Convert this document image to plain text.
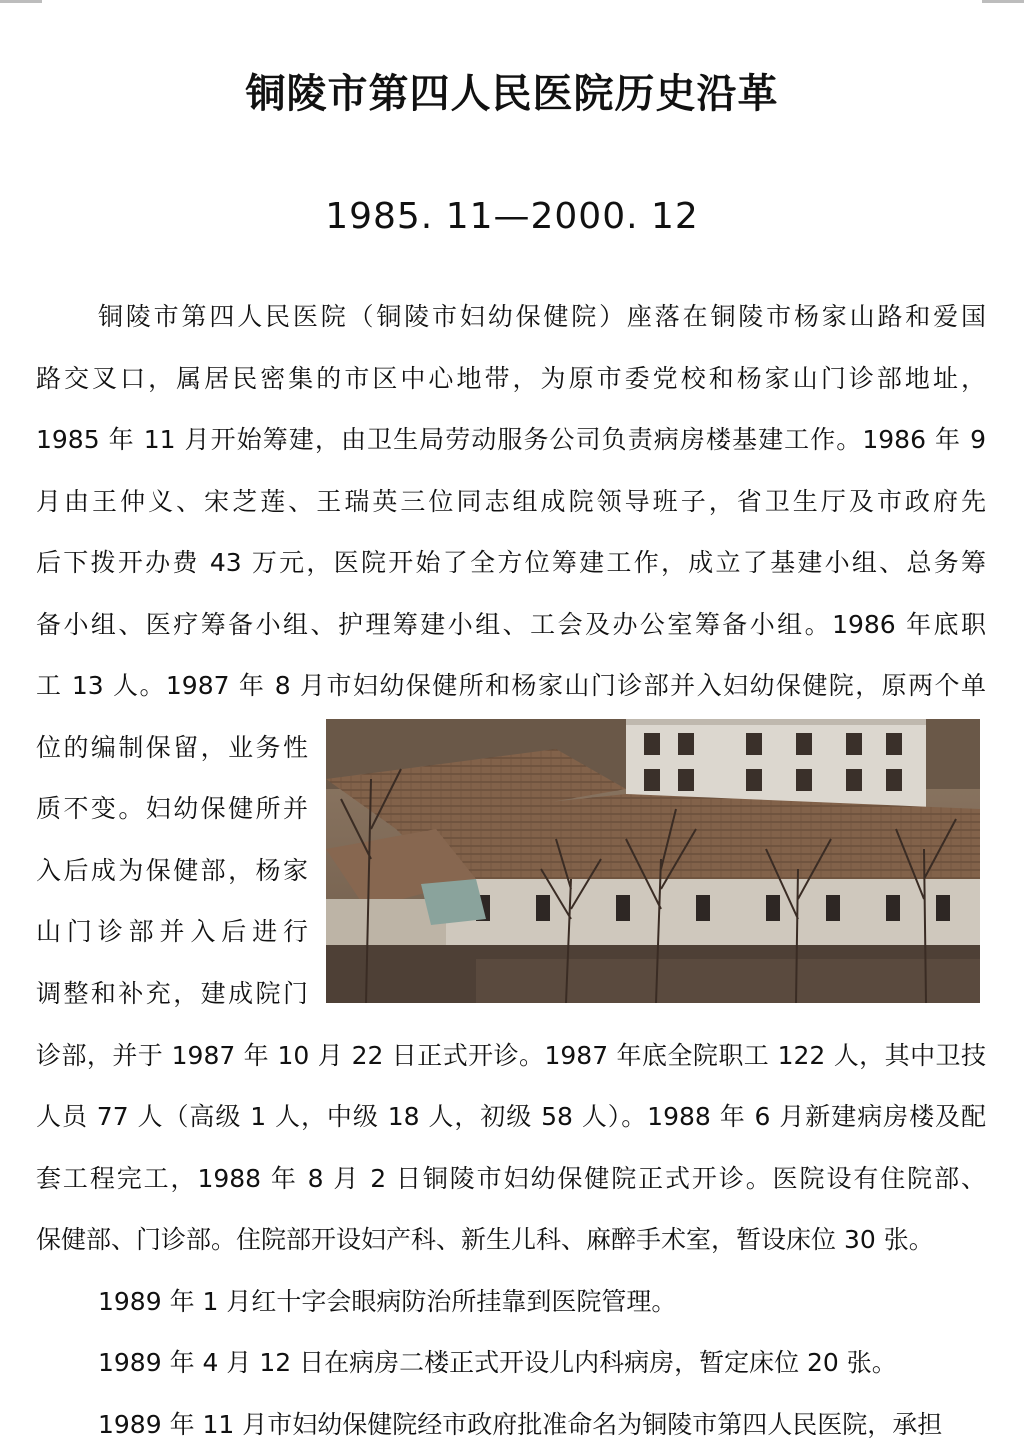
铜陵市第四人民医院历史沿革
1985. 11—2000. 12
铜陵市第四人民医院（铜陵市妇幼保健院）座落在铜陵市杨家山路和爱国
路交叉口，属居民密集的市区中心地带，为原市委党校和杨家山门诊部地址，
1985 年 11 月开始筹建，由卫生局劳动服务公司负责病房楼基建工作。1986 年 9
月由王仲义、宋芝莲、王瑞英三位同志组成院领导班子，省卫生厅及市政府先
后下拨开办费 43 万元，医院开始了全方位筹建工作，成立了基建小组、总务筹
备小组、医疗筹备小组、护理筹建小组、工会及办公室筹备小组。1986 年底职
工 13 人。1987 年 8 月市妇幼保健所和杨家山门诊部并入妇幼保健院，原两个单
位的编制保留，业务性
质不变。妇幼保健所并
入后成为保健部，杨家
山门诊部并入后进行
调整和补充，建成院门
诊部，并于 1987 年 10 月 22 日正式开诊。1987 年底全院职工 122 人，其中卫技
人员 77 人（高级 1 人，中级 18 人，初级 58 人）。1988 年 6 月新建病房楼及配
套工程完工，1988 年 8 月 2 日铜陵市妇幼保健院正式开诊。医院设有住院部、
保健部、门诊部。住院部开设妇产科、新生儿科、麻醉手术室，暂设床位 30 张。
1989 年 1 月红十字会眼病防治所挂靠到医院管理。
1989 年 4 月 12 日在病房二楼正式开设儿内科病房，暂定床位 20 张。
1989 年 11 月市妇幼保健院经市政府批准命名为铜陵市第四人民医院，承担
